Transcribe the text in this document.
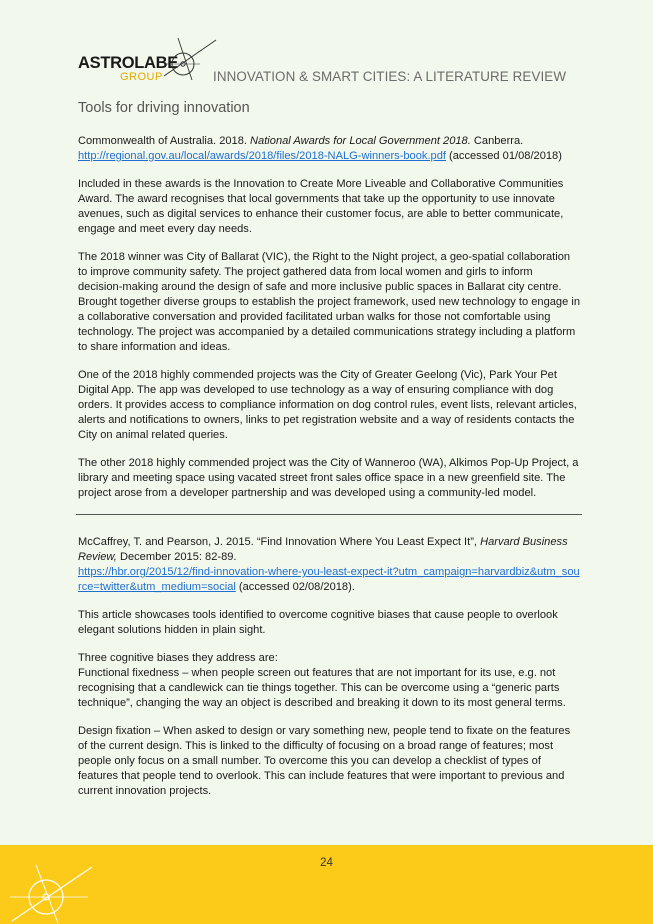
ASTROLABE
GROUP	INNOVATION & SMART CITIES: A LITERATURE REVIEW
Tools for driving innovation

Commonwealth of Australia. 2018. National Awards for Local Government 2018. Canberra.
http://regional.gov.au/local/awards/2018/files/2018-NALG-winners-book.pdf (accessed 01/08/2018)

Included in these awards is the Innovation to Create More Liveable and Collaborative Communities Award. The award recognises that local governments that take up the opportunity to use innovate avenues, such as digital services to enhance their customer focus, are able to better communicate, engage and meet every day needs.

The 2018 winner was City of Ballarat (VIC), the Right to the Night project, a geo-spatial collaboration to improve community safety. The project gathered data from local women and girls to inform decision-making around the design of safe and more inclusive public spaces in Ballarat city centre. Brought together diverse groups to establish the project framework, used new technology to engage in a collaborative conversation and provided facilitated urban walks for those not comfortable using technology. The project was accompanied by a detailed communications strategy including a platform to share information and ideas.

One of the 2018 highly commended projects was the City of Greater Geelong (Vic), Park Your Pet Digital App. The app was developed to use technology as a way of ensuring compliance with dog orders. It provides access to compliance information on dog control rules, event lists, relevant articles, alerts and notifications to owners, links to pet registration website and a way of residents contacts the City on animal related queries.

The other 2018 highly commended project was the City of Wanneroo (WA), Alkimos Pop-Up Project, a library and meeting space using vacated street front sales office space in a new greenfield site. The project arose from a developer partnership and was developed using a community-led model.

McCaffrey, T. and Pearson, J. 2015. “Find Innovation Where You Least Expect It”, Harvard Business Review, December 2015: 82-89.
https://hbr.org/2015/12/find-innovation-where-you-least-expect-it?utm_campaign=harvardbiz&utm_source=twitter&utm_medium=social (accessed 02/08/2018).

This article showcases tools identified to overcome cognitive biases that cause people to overlook elegant solutions hidden in plain sight.

Three cognitive biases they address are:
Functional fixedness – when people screen out features that are not important for its use, e.g. not recognising that a candlewick can tie things together. This can be overcome using a “generic parts technique”, changing the way an object is described and breaking it down to its most general terms.

Design fixation – When asked to design or vary something new, people tend to fixate on the features of the current design. This is linked to the difficulty of focusing on a broad range of features; most people only focus on a small number. To overcome this you can develop a checklist of types of features that people tend to overlook. This can include features that were important to previous and current innovation projects.

24
